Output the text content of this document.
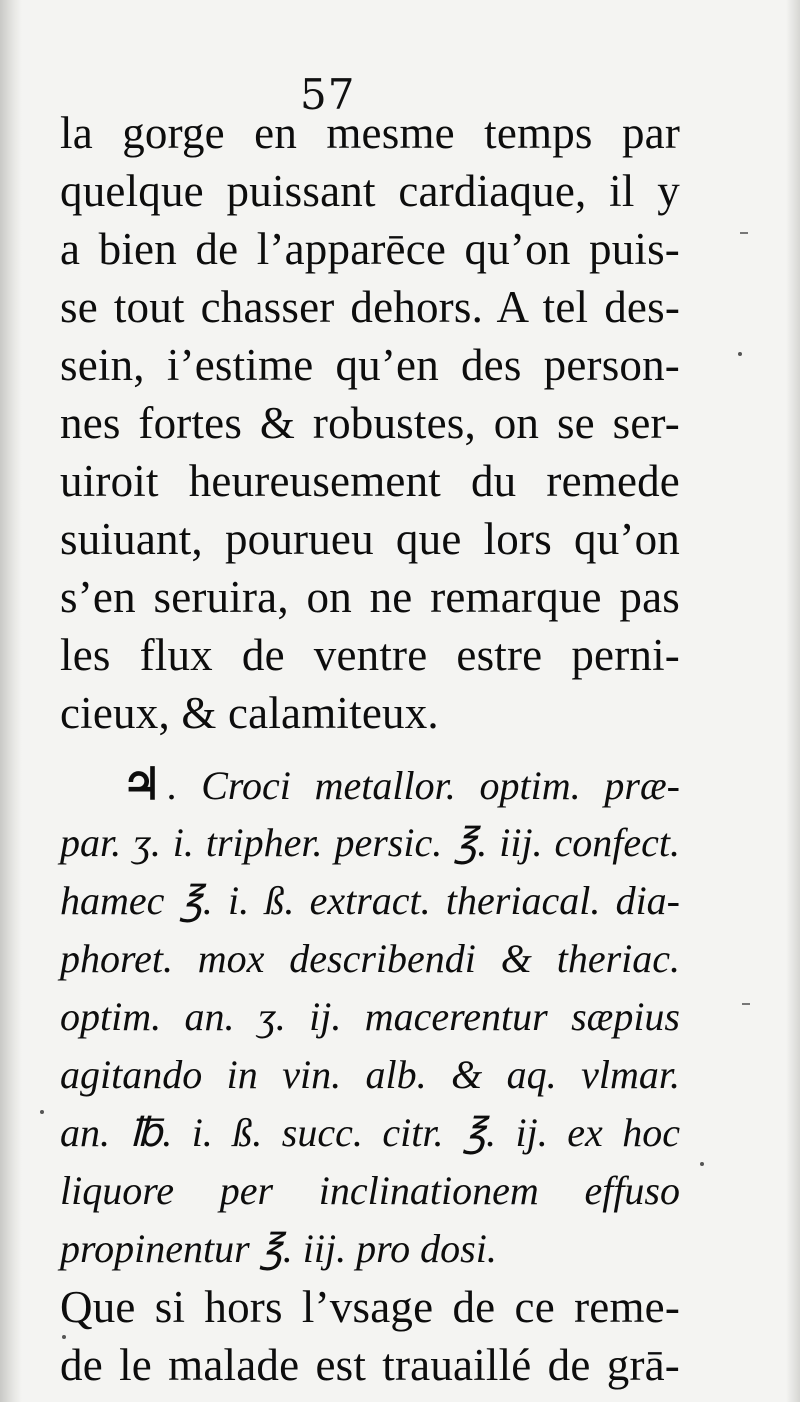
57
la gorge en mesme temps par
quelque puissant cardiaque, il y
a bien de l’apparēce qu’on puis-
se tout chasser dehors. A tel des-
sein, i’estime qu’en des person-
nes fortes & robustes, on se ser-
uiroit heureusement du remede
suiuant, pourueu que lors qu’on
s’en seruira, on ne remarque pas
les flux de ventre estre perni-
cieux, & calamiteux.
♃ . Croci metallor. optim. præ-
par. ʒ. i. tripher. persic. ℥. iij. confect.
hamec ℥. i. ß. extract. theriacal. dia-
phoret. mox describendi & theriac.
optim. an. ʒ. ij. macerentur sæpius
agitando in vin. alb. & aq. vlmar.
an. ℔. i. ß. succ. citr. ℥. ij. ex hoc
liquore per inclinationem effuso
propinentur ℥. iij. pro dosi.
Que si hors l’vsage de ce reme-
de le malade est trauaillé de grā-
